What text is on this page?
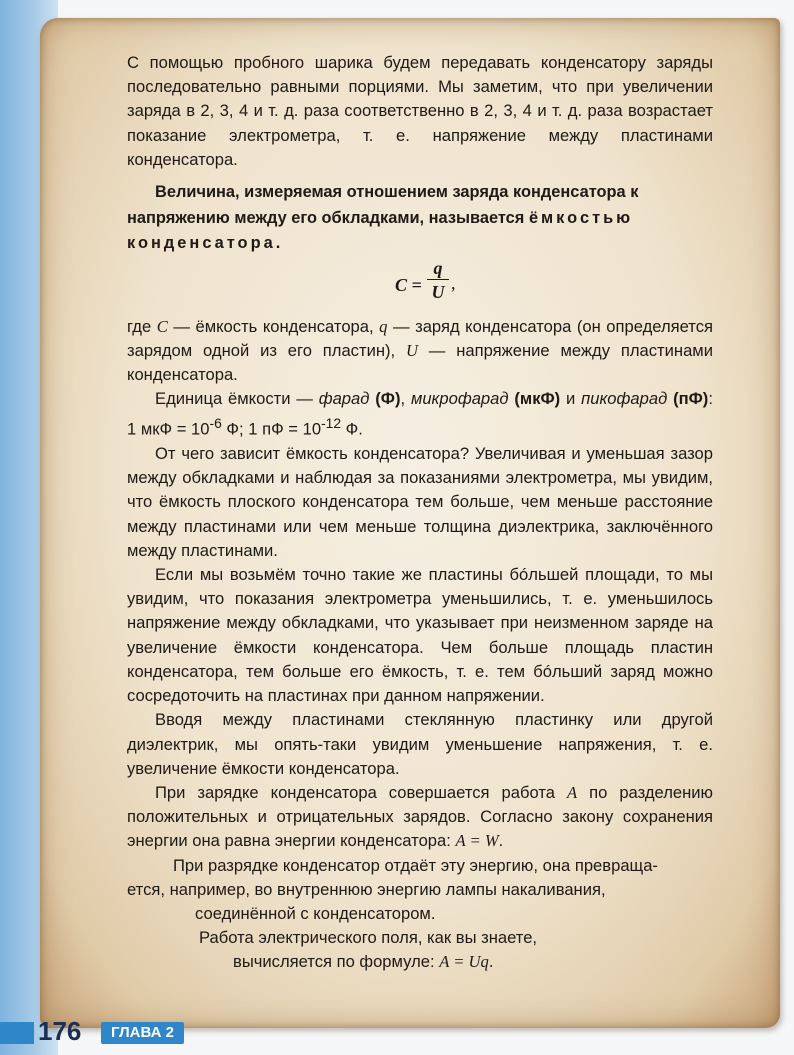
С помощью пробного шарика будем передавать конденсатору заряды последовательно равными порциями. Мы заметим, что при увеличении заряда в 2, 3, 4 и т. д. раза соответственно в 2, 3, 4 и т. д. раза возрастает показание электрометра, т. е. напряжение между пластинами конденсатора.

Величина, измеряемая отношением заряда конденсатора к напряжению между его обкладками, называется ёмкостью конденсатора.

$C = \frac{q}{U}$ ,

где C — ёмкость конденсатора, q — заряд конденсатора (он определяется зарядом одной из его пластин), U — напряжение между пластинами конденсатора.

Единица ёмкости — фарад (Ф), микрофарад (мкФ) и пикофарад (пФ): 1 мкФ = $10^{-6}$ Ф; 1 пФ = $10^{-12}$ Ф.

От чего зависит ёмкость конденсатора? Увеличивая и уменьшая зазор между обкладками и наблюдая за показаниями электрометра, мы увидим, что ёмкость плоского конденсатора тем больше, чем меньше расстояние между пластинами или чем меньше толщина диэлектрика, заключённого между пластинами.

Если мы возьмём точно такие же пластины бóльшей площади, то мы увидим, что показания электрометра уменьшились, т. е. уменьшилось напряжение между обкладками, что указывает при неизменном заряде на увеличение ёмкости конденсатора. Чем больше площадь пластин конденсатора, тем больше его ёмкость, т. е. тем бóльший заряд можно сосредоточить на пластинах при данном напряжении.

Вводя между пластинами стеклянную пластинку или другой диэлектрик, мы опять-таки увидим уменьшение напряжения, т. е. увеличение ёмкости конденсатора.

При зарядке конденсатора совершается работа A по разделению положительных и отрицательных зарядов. Согласно закону сохранения энергии она равна энергии конденсатора: A = W.

При разрядке конденсатор отдаёт эту энергию, она превраща-
ется, например, во внутреннюю энергию лампы накаливания,
соединённой с конденсатором.

Работа электрического поля, как вы знаете,
вычисляется по формуле: A = Uq.

176	ГЛАВА 2
